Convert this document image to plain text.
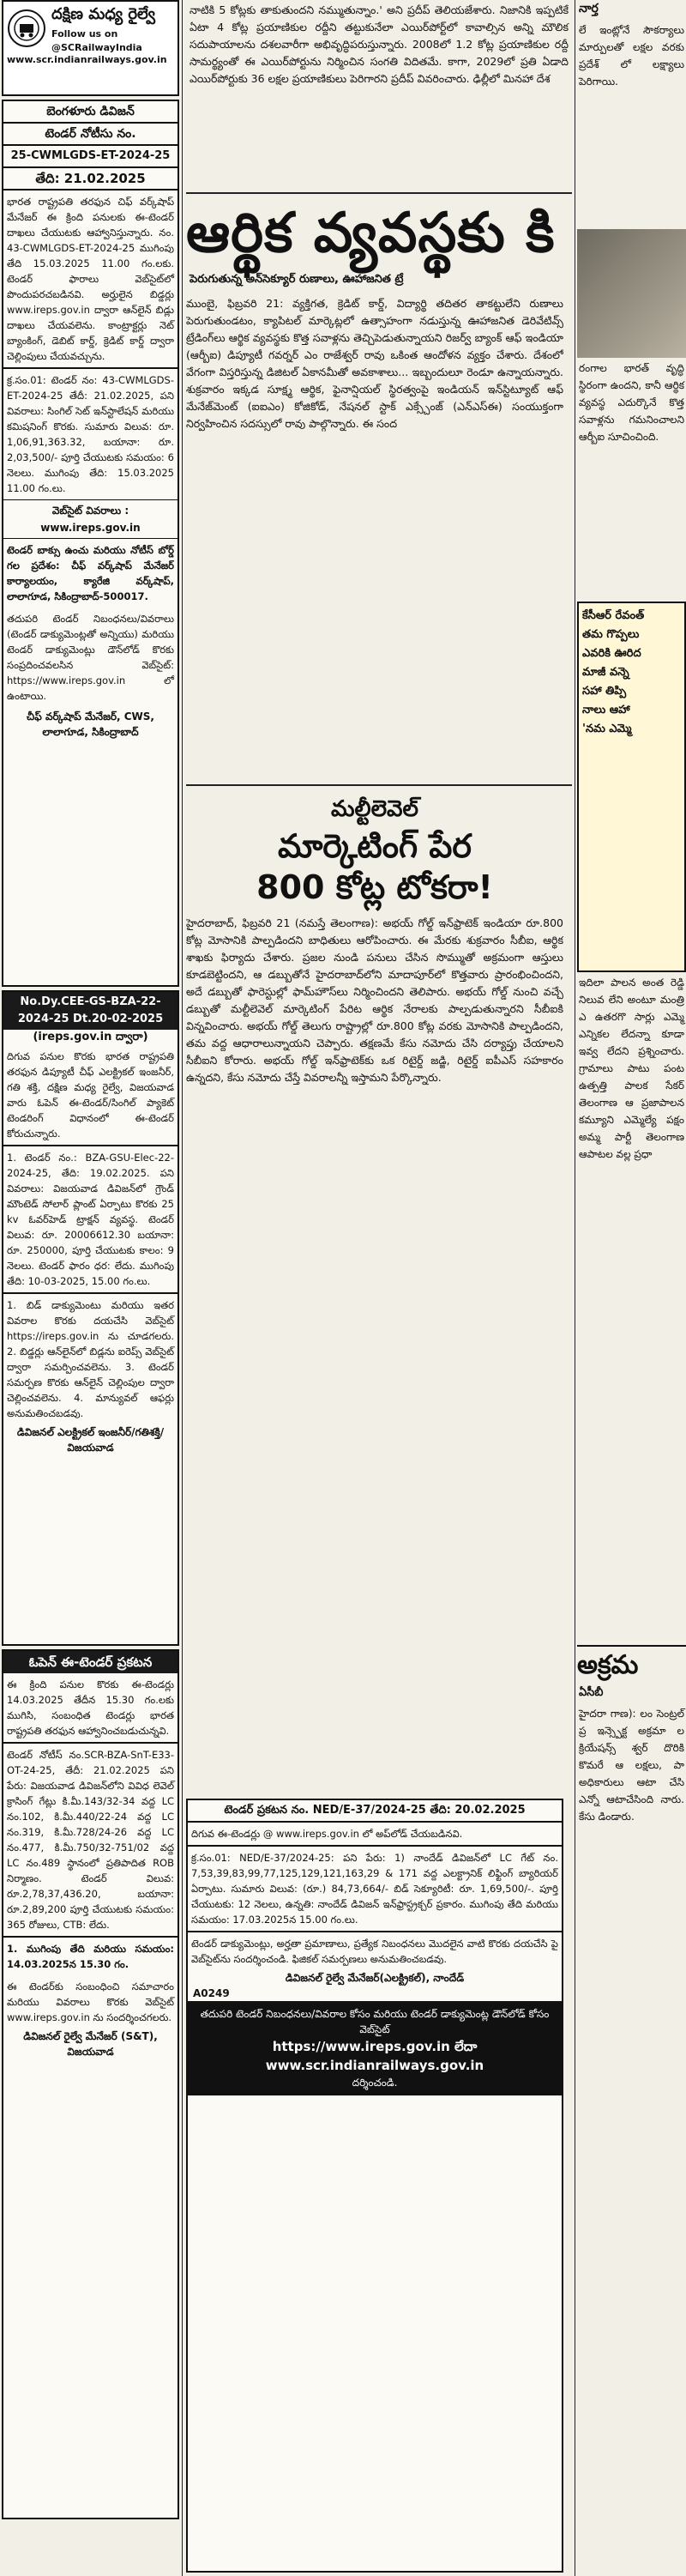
దక్షిణ మధ్య రైల్వే
Follow us on @SCRailwayIndia
www.scr.indianrailways.gov.in
బెంగళూరు డివిజన్
టెండర్ నోటీసు నం.
25-CWMLGDS-ET-2024-25
తేది: 21.02.2025

భారత రాష్ట్రపతి తరఫున చిఫ్ వర్క్‌షాప్ మేనేజర్ ఈ క్రింది పనులకు ఈ-టెండర్ దాఖలు చేయుటకు ఆహ్వానిస్తున్నారు. నం. 43-CWMLGDS-ET-2024-25 ముగింపు తేది 15.03.2025 11.00 గం.లకు. టెండర్ ఫారాలు వెబ్‌సైట్‌లో పొందుపరచబడినవి. అర్హులైన బిడ్డర్లు www.ireps.gov.in ద్వారా ఆన్‌లైన్ బిడ్లు దాఖలు చేయవలెను. కాంట్రాక్టర్లు నెట్ బ్యాంకింగ్, డెబిట్ కార్డ్, క్రెడిట్ కార్డ్ ద్వారా చెల్లింపులు చేయవచ్చును.

క్ర.సం.01: టెండర్ నం: 43-CWMLGDS-ET-2024-25 తేదీ: 21.02.2025, పని వివరాలు: సింగిల్ సెట్ ఇన్‌స్టాలేషన్ మరియు కమిషనింగ్ కొరకు. సుమారు విలువ: రూ. 1,06,91,363.32, బయానా: రూ. 2,03,500/- పూర్తి చేయుటకు సమయం: 6 నెలలు. ముగింపు తేది: 15.03.2025 11.00 గం.లు.

వెబ్‌సైట్ వివరాలు : www.ireps.gov.in

టెండర్ బాక్సు ఉంచు మరియు నోటీస్ బోర్డ్ గల ప్రదేశం: చీఫ్ వర్క్‌షాప్ మేనేజర్ కార్యాలయం, క్యారేజి వర్క్‌షాప్, లాలాగూడ, సికింద్రాబాద్-500017.

తదుపరి టెండర్ నిబంధనలు/వివరాలు (టెండర్ డాక్యుమెంట్లతో అన్నియు) మరియు టెండర్ డాక్యుమెంట్లు డౌన్‌లోడ్ కొరకు సంప్రదించవలసిన వెబ్‌సైట్: https://www.ireps.gov.in లో ఉంటాయి.

చీఫ్ వర్క్‌షాప్ మేనేజర్, CWS, లాలాగూడ, సికింద్రాబాద్
No.Dy.CEE-GS-BZA-22-2024-25 Dt.20-02-2025
(ireps.gov.in ద్వారా)

దిగువ పనుల కొరకు భారత రాష్ట్రపతి తరఫున డిప్యూటీ చీఫ్ ఎలక్ట్రికల్ ఇంజనీర్, గతి శక్తి, దక్షిణ మధ్య రైల్వే, విజయవాడ వారు ఓపెన్ ఈ-టెండర్/సింగిల్ ప్యాకెట్ టెండరింగ్ విధానంలో ఈ-టెండర్ కోరుచున్నారు.

1. టెండర్ నం.: BZA-GSU-Elec-22-2024-25, తేది: 19.02.2025. పని వివరాలు: విజయవాడ డివిజన్‌లో గ్రౌండ్ మౌంటెడ్ సోలార్ ప్లాంట్ ఏర్పాటు కొరకు 25 kv ఓవర్‌హెడ్ ట్రాక్షన్ వ్యవస్థ. టెండర్ విలువ: రూ. 20006612.30 బయానా: రూ. 250000, పూర్తి చేయుటకు కాలం: 9 నెలలు. టెండర్ ఫారం ధర: లేదు. ముగింపు తేది: 10-03-2025, 15.00 గం.లు.

1. బిడ్ డాక్యుమెంటు మరియు ఇతర వివరాల కొరకు దయచేసి వెబ్‌సైట్ https://ireps.gov.in ను చూడగలరు. 2. బిడ్డర్లు ఆన్‌లైన్‌లో బిడ్లను ఐరెప్స్ వెబ్‌సైట్ ద్వారా సమర్పించవలెను. 3. టెండర్ సమర్పణ కొరకు ఆన్‌లైన్ చెల్లింపుల ద్వారా చెల్లించవలెను. 4. మాన్యువల్ ఆఫర్లు అనుమతించబడవు.

డివిజనల్ ఎలక్ట్రికల్ ఇంజనీర్/గతిశక్తి/విజయవాడ
ఓపెన్ ఈ-టెండర్ ప్రకటన

ఈ క్రింది పనుల కొరకు ఈ-టెండర్లు 14.03.2025 తేదీన 15.30 గం.లకు ముగిసి, సంబంధిత టెండర్లు భారత రాష్ట్రపతి తరఫున ఆహ్వానించబడుచున్నవి.

టెండర్ నోటీస్ నం.SCR-BZA-SnT-E33-OT-24-25, తేదీ: 21.02.2025 పని పేరు: విజయవాడ డివిజన్‌లోని వివిధ లెవెల్ క్రాసింగ్ గేట్లు కి.మీ.143/32-34 వద్ద LC నం.102, కి.మీ.440/22-24 వద్ద LC నం.319, కి.మీ.728/24-26 వద్ద LC నం.477, కి.మీ.750/32-751/02 వద్ద LC నం.489 స్థానంలో ప్రతిపాదిత ROB నిర్మాణం. టెండర్ విలువ: రూ.2,78,37,436.20, బయానా: రూ.2,89,200 పూర్తి చేయుటకు సమయం: 365 రోజులు, CTB: లేదు.

1. ముగింపు తేది మరియు సమయం: 14.03.2025న 15.30 గం.

ఈ టెండర్‌కు సంబంధించి సమాచారం మరియు వివరాలు కొరకు వెబ్‌సైట్ www.ireps.gov.in ను సందర్శించగలరు.

డివిజనల్ రైల్వే మేనేజర్ (S&T), విజయవాడ

నాటికి 5 కోట్లకు తాకుతుందని నమ్ముతున్నాం.' అని ప్రదీప్ తెలియజేశారు. నిజానికి ఇప్పటికే ఏటా 4 కోట్ల ప్రయాణికుల రద్దీని తట్టుకునేలా ఎయిర్‌పోర్ట్‌లో కావాల్సిన అన్ని మౌలిక సదుపాయాలను దశలవారీగా అభివృద్ధిపరుస్తున్నారు. 2008లో 1.2 కోట్ల ప్రయాణికుల రద్దీ సామర్థ్యంతో ఈ ఎయిర్‌పోర్టును నిర్మించిన సంగతి విదితమే. కాగా, 2029లో ప్రతి ఏడాది ఎయిర్‌పోర్టుకు 36 లక్షల ప్రయాణికులు పెరిగారని ప్రదీప్ వివరించారు. ఢిల్లీలో మినహా దేశ

ఆర్థిక వ్యవస్థకు కి
పెరుగుతున్న అన్‌సెక్యూర్ రుణాలు, ఊహాజనిత ట్రే

ముంబై, ఫిబ్రవరి 21: వ్యక్తిగత, క్రెడిట్ కార్డ్, విద్యార్థి తదితర తాకట్టులేని రుణాలు పెరుగుతుండటం, క్యాపిటల్ మార్కెట్లలో ఉత్సాహంగా నడుస్తున్న ఊహాజనిత డెరివేటివ్స్ ట్రేడింగ్‌లు ఆర్థిక వ్యవస్థకు కొత్త సవాళ్లను తెచ్చిపెడుతున్నాయని రిజర్వ్ బ్యాంక్ ఆఫ్ ఇండియా (ఆర్బీఐ) డిప్యూటీ గవర్నర్ ఎం రాజేశ్వర్ రావు ఒకింత ఆందోళన వ్యక్తం చేశారు. దేశంలో వేగంగా విస్తరిస్తున్న డిజిటల్ ఏకానమీతో అవకాశాలు... ఇబ్బందులూ రెండూ ఉన్నాయన్నారు. శుక్రవారం ఇక్కడ సూక్ష్మ ఆర్థిక, ఫైనాన్షియల్ స్థిరత్వంపై ఇండియన్ ఇన్‌స్టిట్యూట్ ఆఫ్ మేనేజ్‌మెంట్ (ఐఐఎం) కోజికోడ్, నేషనల్ స్టాక్ ఎక్స్చేంజ్ (ఎన్‌ఎస్‌ఈ) సంయుక్తంగా నిర్వహించిన సదస్సులో రావు పాల్గొన్నారు. ఈ సంద

మల్టీలెవెల్
మార్కెటింగ్ పేర
800 కోట్ల టోకరా!

హైదరాబాద్, ఫిబ్రవరి 21 (నమస్తే తెలంగాణ): అభయ్ గోల్డ్ ఇన్‌ఫ్రాటెక్ ఇండియా రూ.800 కోట్ల మోసానికి పాల్పడిందని బాధితులు ఆరోపించారు. ఈ మేరకు శుక్రవారం సీబీఐ, ఆర్థిక శాఖకు ఫిర్యాదు చేశారు. ప్రజల నుండి పనులు చేసిన సొమ్ముతో అక్రమంగా ఆస్తులు కూడబెట్టిందని, ఆ డబ్బుతోనే హైదరాబాద్‌లోని మాదాపూర్‌లో కొత్తవారు ప్రారంభించిందని, అదే డబ్బుతో ఫారెస్టుల్లో ఫామ్‌హౌస్‌లు నిర్మించిందని తెలిపారు. అభయ్ గోల్డ్ నుంచి వచ్చే డబ్బుతో మల్టీలెవెల్ మార్కెటింగ్ పేరిట ఆర్థిక నేరాలకు పాల్పడుతున్నారని సీబీఐకి విన్నవించారు. అభయ్ గోల్డ్ తెలుగు రాష్ట్రాల్లో రూ.800 కోట్ల వరకు మోసానికి పాల్పడిందని, తమ వద్ద ఆధారాలున్నాయని చెప్పారు. తక్షణమే కేసు నమోదు చేసి దర్యాప్తు చేయాలని సీబీఐని కోరారు. అభయ్ గోల్డ్ ఇన్‌ఫ్రాటెక్‌కు ఒక రిటైర్డ్ జడ్జి, రిటైర్డ్ ఐపీఎస్ సహకారం ఉన్నదని, కేసు నమోదు చేస్తే వివరాలన్నీ ఇస్తామని పేర్కొన్నారు.

టెండర్ ప్రకటన నం. NED/E-37/2024-25 తేది: 20.02.2025

దిగువ ఈ-టెండర్లు @ www.ireps.gov.in లో అప్‌లోడ్ చేయబడినవి.

క్ర.సం.01: NED/E-37/2024-25: పని పేరు: 1) నాందేడ్ డివిజన్‌లో LC గేట్ నం. 7,53,39,83,99,77,125,129,121,163,29 & 171 వద్ద ఎలక్ట్రానిక్ లిఫ్టింగ్ బ్యారియర్ ఏర్పాటు. సుమారు విలువ: (రూ.) 84,73,664/- బిడ్ సెక్యూరిటీ: రూ. 1,69,500/-. పూర్తి చేయుటకు: 12 నెలలు, ఉన్నతి: నాందేడ్ డివిజన్ ఇన్‌ఫ్రాస్ట్రక్చర్ ప్రకారం. ముగింపు తేది మరియు సమయం: 17.03.2025న 15.00 గం.లు.

టెండర్ డాక్యుమెంట్లు, అర్హతా ప్రమాణాలు, ప్రత్యేక నిబంధనలు మొదలైన వాటి కొరకు దయచేసి పై వెబ్‌సైట్‌ను సందర్శించండి. ఫిజికల్ సమర్పణలు అనుమతించబడవు.

డివిజనల్ రైల్వే మేనేజర్(ఎలక్ట్రికల్), నాందేడ్
A0249
తదుపరి టెండర్ నిబంధనలు/వివరాల కోసం మరియు టెండర్ డాక్యుమెంట్ల డౌన్‌లోడ్ కోసం వెబ్‌సైట్
https://www.ireps.gov.in లేదా www.scr.indianrailways.gov.in
దర్శించండి.
నార్త

లే ఇంట్లోనే సౌకర్యాలు మార్పులతో లక్షల వరకు ప్రదేశ్ లో లక్ష్యాలు పెరిగాయి.

రంగాల భారత్ వృద్ధి స్థిరంగా ఉందని, కానీ ఆర్థిక వ్యవస్థ ఎదుర్కొనే కొత్త సవాళ్లను గమనించాలని ఆర్బీఐ సూచించింది.

కేసీఆర్ రేవంత్
తమ గొప్పలు
ఎవరికి ఊరిద
మాజీ వన్నె
సహా తిప్పి
నాలు ఆహా
'నమ ఎమ్మె

ఇదిలా పాలన అంత రెడ్డి నిలువ లేని అంటూ మంత్రి ఎ ఉతరగొ సార్లు ఎమ్మె ఎన్నికల లేదన్నా కూడా ఇవ్వ లేదని ప్రశ్నించారు. గ్రామాలు పాటు పంట ఉత్పత్తి పాలక సేకర్ తెలంగాణ ఆ ప్రజాపాలన కమ్యూని ఎమ్మెల్యే పక్షం అమ్మ పార్టీ తెలంగాణ ఆపాటల వల్ల ప్రధా

అక్రమ
ఏసీబీ

హైదరా గాణ): లం సెంట్రల్ ప్ర ఇన్స్పెక్ట అక్రమా ల క్రియేషన్స్ శ్వర్ దొరికి కొమరే ఆ లక్షలు, పా అధికారులు ఆటా చేసి ఎన్నో ఆటాచేసింది నారు. కేసు డిండారు.
